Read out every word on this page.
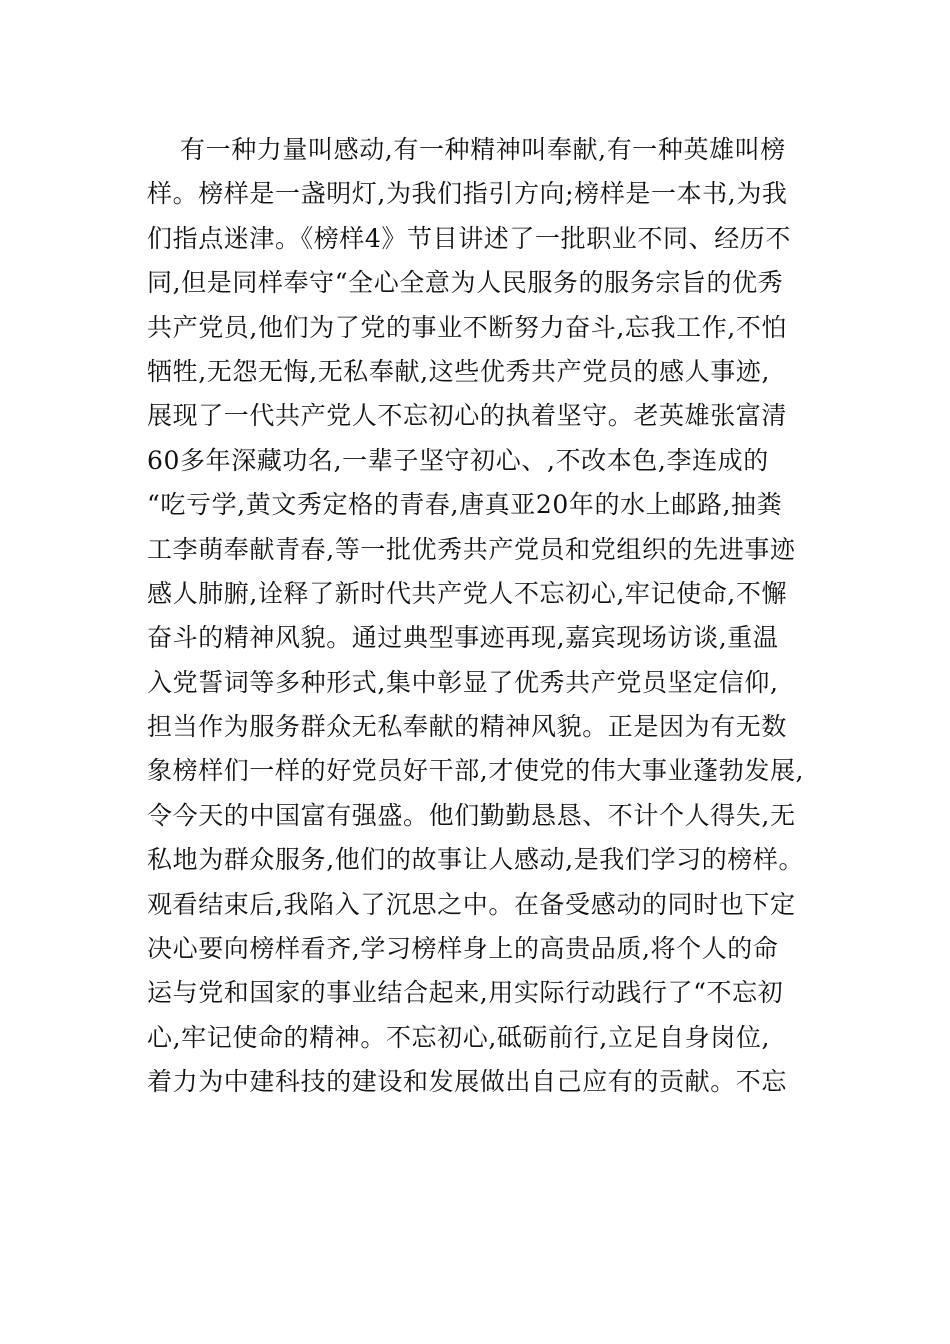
有一种力量叫感动,有一种精神叫奉献,有一种英雄叫榜
样。榜样是一盏明灯,为我们指引方向;榜样是一本书,为我
们指点迷津。《榜样4》节目讲述了一批职业不同、经历不
同,但是同样奉守“全心全意为人民服务的服务宗旨的优秀
共产党员,他们为了党的事业不断努力奋斗,忘我工作,不怕
牺牲,无怨无悔,无私奉献,这些优秀共产党员的感人事迹,
展现了一代共产党人不忘初心的执着坚守。老英雄张富清
60多年深藏功名,一辈子坚守初心、,不改本色,李连成的
“吃亏学,黄文秀定格的青春,唐真亚20年的水上邮路,抽粪
工李萌奉献青春,等一批优秀共产党员和党组织的先进事迹
感人肺腑,诠释了新时代共产党人不忘初心,牢记使命,不懈
奋斗的精神风貌。通过典型事迹再现,嘉宾现场访谈,重温
入党誓词等多种形式,集中彰显了优秀共产党员坚定信仰,
担当作为服务群众无私奉献的精神风貌。正是因为有无数
象榜样们一样的好党员好干部,才使党的伟大事业蓬勃发展,
令今天的中国富有强盛。他们勤勤恳恳、不计个人得失,无
私地为群众服务,他们的故事让人感动,是我们学习的榜样。
观看结束后,我陷入了沉思之中。在备受感动的同时也下定
决心要向榜样看齐,学习榜样身上的高贵品质,将个人的命
运与党和国家的事业结合起来,用实际行动践行了“不忘初
心,牢记使命的精神。不忘初心,砥砺前行,立足自身岗位,
着力为中建科技的建设和发展做出自己应有的贡献。不忘
